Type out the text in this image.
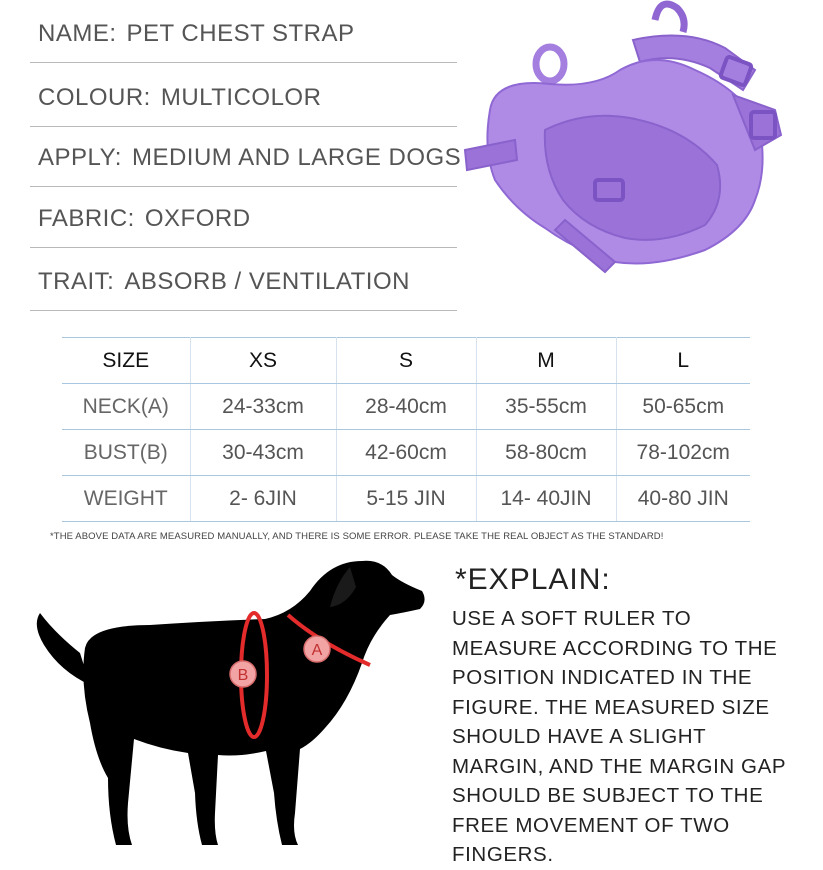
NAME: PET CHEST STRAP
COLOUR: MULTICOLOR
APPLY: MEDIUM AND LARGE DOGS
FABRIC: OXFORD
TRAIT: ABSORB / VENTILATION
SIZE	XS	S	M	L
NECK(A)	24-33cm	28-40cm	35-55cm	50-65cm
BUST(B)	30-43cm	42-60cm	58-80cm	78-102cm
WEIGHT	2- 6JIN	5-15 JIN	14- 40JIN	40-80 JIN
*THE ABOVE DATA ARE MEASURED MANUALLY, AND THERE IS SOME ERROR. PLEASE TAKE THE REAL OBJECT AS THE STANDARD!
B
A
*EXPLAIN:
USE A SOFT RULER TO MEASURE ACCORDING TO THE POSITION INDICATED IN THE FIGURE. THE MEASURED SIZE SHOULD HAVE A SLIGHT MARGIN, AND THE MARGIN GAP SHOULD BE SUBJECT TO THE FREE MOVEMENT OF TWO FINGERS.
